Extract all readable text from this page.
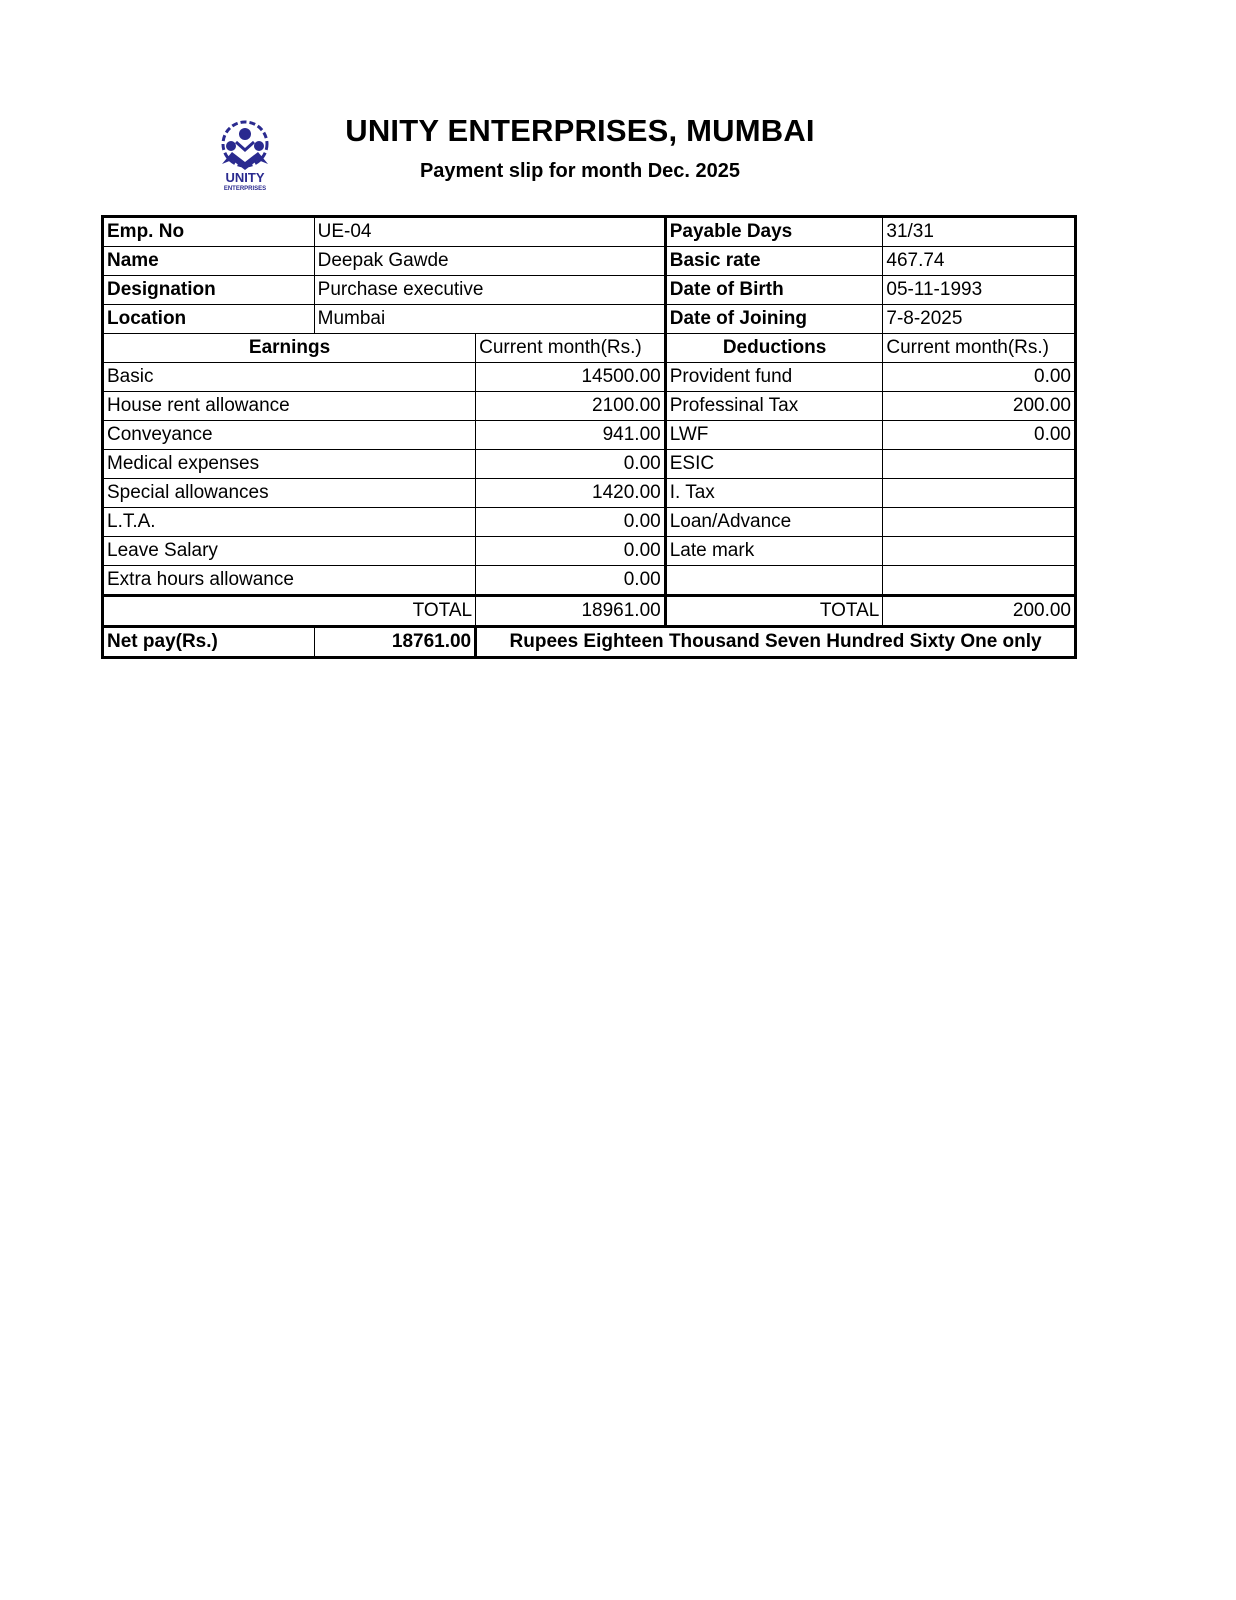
UNITY
ENTERPRISES
UNITY ENTERPRISES, MUMBAI
Payment slip for month Dec. 2025
Emp. No	UE-04		Payable Days	31/31
Name	Deepak Gawde		Basic rate	467.74
Designation	Purchase executive		Date of Birth	05-11-1993
Location	Mumbai		Date of Joining	7-8-2025
Earnings		Current month(Rs.)	Deductions	Current month(Rs.)
Basic		14500.00	Provident fund	0.00
House rent allowance		2100.00	Professinal Tax	200.00
Conveyance		941.00	LWF	0.00
Medical expenses		0.00	ESIC	
Special allowances		1420.00	I. Tax	
L.T.A.		0.00	Loan/Advance	
Leave Salary		0.00	Late mark	
Extra hours allowance		0.00		
TOTAL		18961.00	TOTAL	200.00
Net pay(Rs.)	18761.00	Rupees Eighteen Thousand Seven Hundred Sixty One only		
